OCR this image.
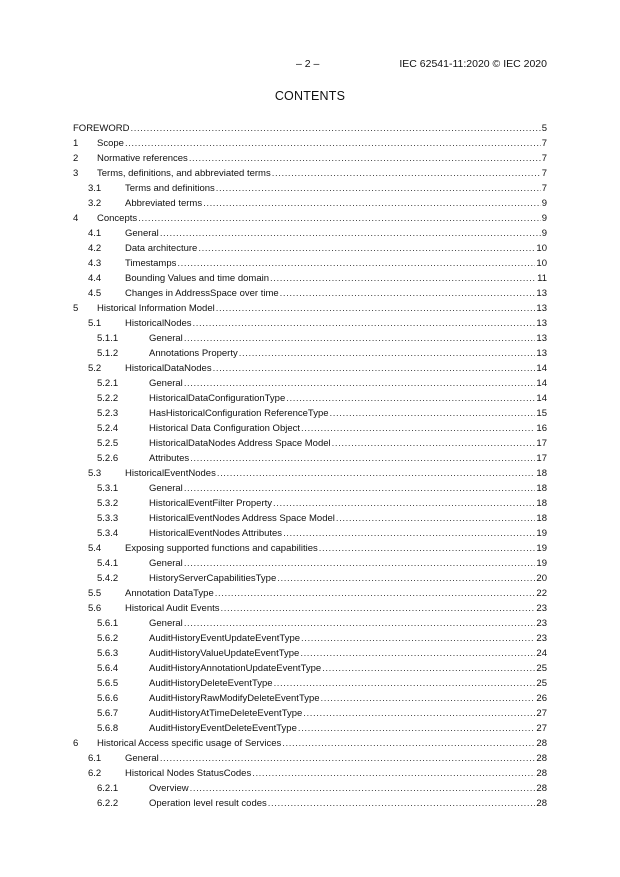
– 2 –	IEC 62541-11:2020 © IEC 2020
CONTENTS
FOREWORD .....	5
1 Scope .....	7
2 Normative references .....	7
3 Terms, definitions, and abbreviated terms .....	7
3.1	Terms and definitions .....	7
3.2	Abbreviated terms .....	9
4 Concepts .....	9
4.1	General .....	9
4.2	Data architecture .....	10
4.3	Timestamps .....	10
4.4	Bounding Values and time domain .....	11
4.5	Changes in AddressSpace over time .....	13
5 Historical Information Model .....	13
5.1	HistoricalNodes .....	13
5.1.1	General .....	13
5.1.2	Annotations Property .....	13
5.2	HistoricalDataNodes .....	14
5.2.1	General .....	14
5.2.2	HistoricalDataConfigurationType .....	14
5.2.3	HasHistoricalConfiguration ReferenceType .....	15
5.2.4	Historical Data Configuration Object .....	16
5.2.5	HistoricalDataNodes Address Space Model .....	17
5.2.6	Attributes .....	17
5.3	HistoricalEventNodes .....	18
5.3.1	General .....	18
5.3.2	HistoricalEventFilter Property .....	18
5.3.3	HistoricalEventNodes Address Space Model .....	18
5.3.4	HistoricalEventNodes Attributes .....	19
5.4	Exposing supported functions and capabilities .....	19
5.4.1	General .....	19
5.4.2	HistoryServerCapabilitiesType .....	20
5.5	Annotation DataType .....	22
5.6	Historical Audit Events .....	23
5.6.1	General .....	23
5.6.2	AuditHistoryEventUpdateEventType .....	23
5.6.3	AuditHistoryValueUpdateEventType .....	24
5.6.4	AuditHistoryAnnotationUpdateEventType .....	25
5.6.5	AuditHistoryDeleteEventType .....	25
5.6.6	AuditHistoryRawModifyDeleteEventType .....	26
5.6.7	AuditHistoryAtTimeDeleteEventType .....	27
5.6.8	AuditHistoryEventDeleteEventType .....	27
6 Historical Access specific usage of Services .....	28
6.1	General .....	28
6.2	Historical Nodes StatusCodes .....	28
6.2.1	Overview .....	28
6.2.2	Operation level result codes .....	28
